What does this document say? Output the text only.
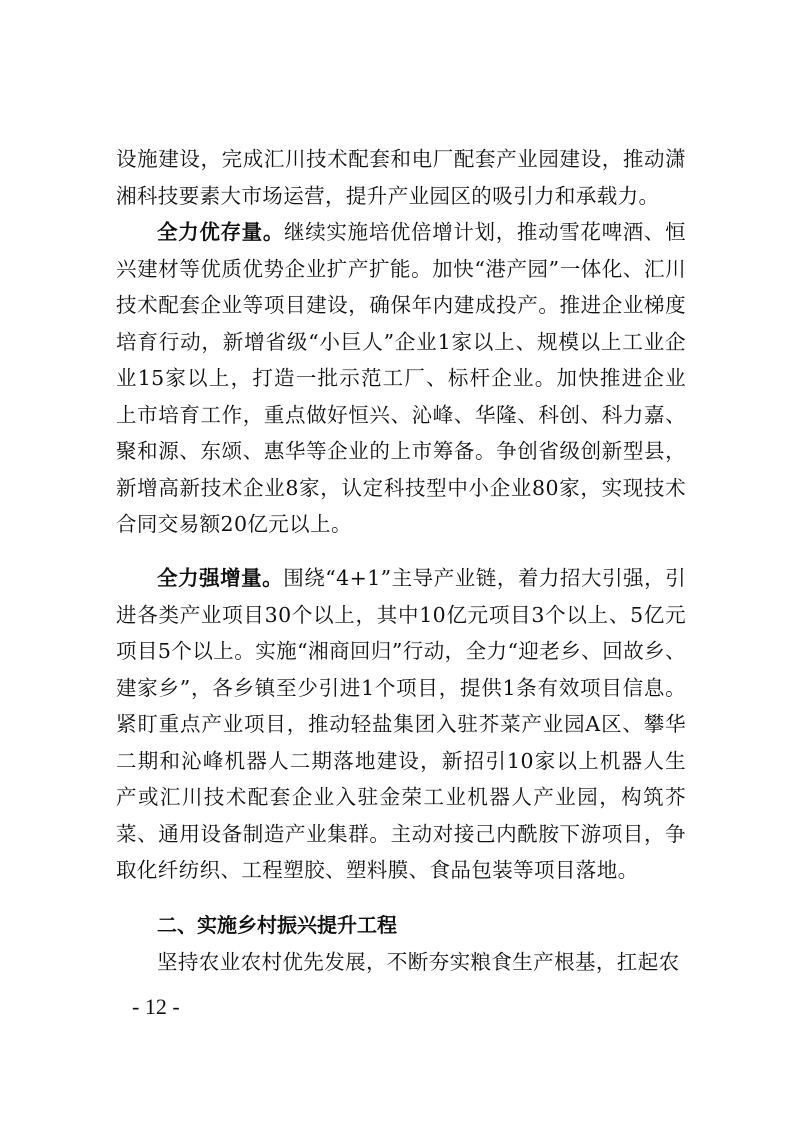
设施建设，完成汇川技术配套和电厂配套产业园建设，推动潇湘科技要素大市场运营，提升产业园区的吸引力和承载力。

全力优存量。继续实施培优倍增计划，推动雪花啤酒、恒兴建材等优质优势企业扩产扩能。加快“港产园”一体化、汇川技术配套企业等项目建设，确保年内建成投产。推进企业梯度培育行动，新增省级“小巨人”企业1家以上、规模以上工业企业15家以上，打造一批示范工厂、标杆企业。加快推进企业上市培育工作，重点做好恒兴、沁峰、华隆、科创、科力嘉、聚和源、东颂、惠华等企业的上市筹备。争创省级创新型县，新增高新技术企业8家，认定科技型中小企业80家，实现技术合同交易额20亿元以上。

全力强增量。围绕“4+1”主导产业链，着力招大引强，引进各类产业项目30个以上，其中10亿元项目3个以上、5亿元项目5个以上。实施“湘商回归”行动，全力“迎老乡、回故乡、建家乡”，各乡镇至少引进1个项目，提供1条有效项目信息。紧盯重点产业项目，推动轻盐集团入驻芥菜产业园A区、攀华二期和沁峰机器人二期落地建设，新招引10家以上机器人生产或汇川技术配套企业入驻金荣工业机器人产业园，构筑芥菜、通用设备制造产业集群。主动对接己内酰胺下游项目，争取化纤纺织、工程塑胶、塑料膜、食品包装等项目落地。

二、实施乡村振兴提升工程

坚持农业农村优先发展，不断夯实粮食生产根基，扛起农

- 12 -
